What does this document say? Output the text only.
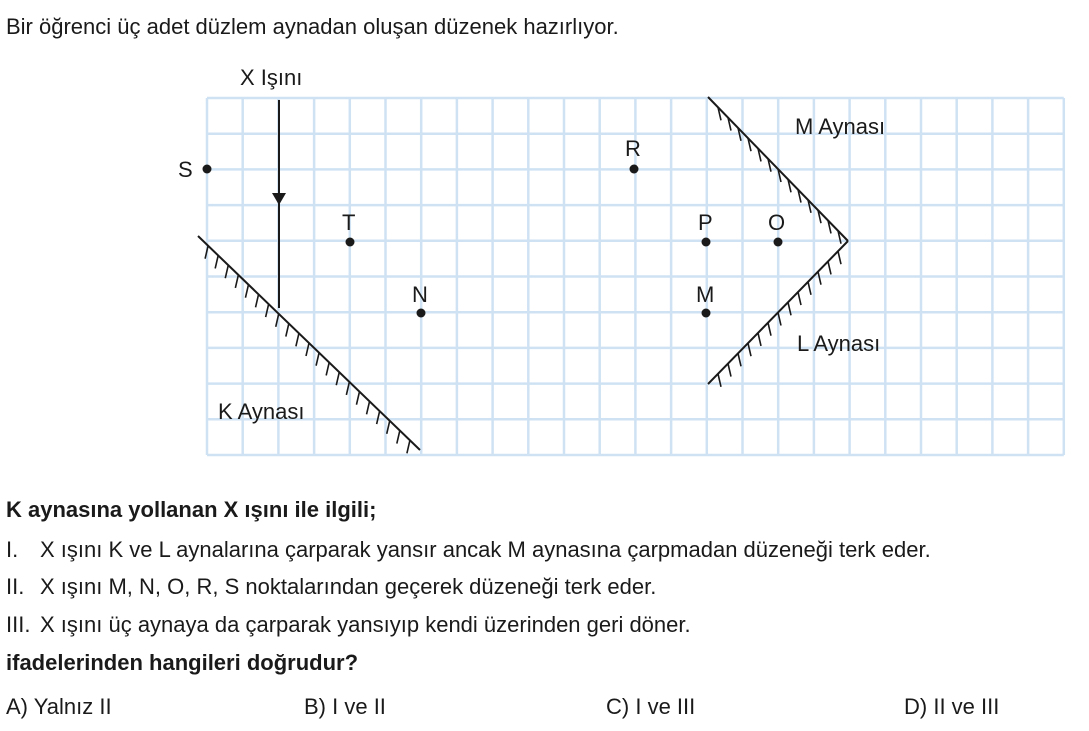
Bir öğrenci üç adet düzlem aynadan oluşan düzenek hazırlıyor.
X Işını
K Aynası
M Aynası
L Aynası
S
R
T	P	O
N	M
K aynasına yollanan X ışını ile ilgili;
I. X ışını K ve L aynalarına çarparak yansır ancak M aynasına çarpmadan düzeneği terk eder.
II. X ışını M, N, O, R, S noktalarından geçerek düzeneği terk eder.
III. X ışını üç aynaya da çarparak yansıyıp kendi üzerinden geri döner.
ifadelerinden hangileri doğrudur?
A) Yalnız II	B) I ve II	C) I ve III	D) II ve III
